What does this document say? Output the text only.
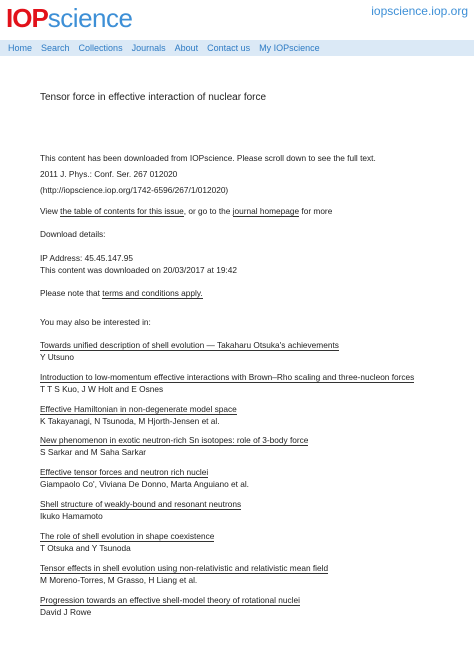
IOP science	iopscience.iop.org
Home Search Collections Journals About Contact us My IOPscience
Tensor force in effective interaction of nuclear force
This content has been downloaded from IOPscience. Please scroll down to see the full text.
2011 J. Phys.: Conf. Ser. 267 012020
(http://iopscience.iop.org/1742-6596/267/1/012020)
View the table of contents for this issue, or go to the journal homepage for more
Download details:
IP Address: 45.45.147.95
This content was downloaded on 20/03/2017 at 19:42
Please note that terms and conditions apply.
You may also be interested in:
Towards unified description of shell evolution — Takaharu Otsuka's achievements
Y Utsuno
Introduction to low-momentum effective interactions with Brown–Rho scaling and three-nucleon forces
T T S Kuo, J W Holt and E Osnes
Effective Hamiltonian in non-degenerate model space
K Takayanagi, N Tsunoda, M Hjorth-Jensen et al.
New phenomenon in exotic neutron-rich Sn isotopes: role of 3-body force
S Sarkar and M Saha Sarkar
Effective tensor forces and neutron rich nuclei
Giampaolo Co', Viviana De Donno, Marta Anguiano et al.
Shell structure of weakly-bound and resonant neutrons
Ikuko Hamamoto
The role of shell evolution in shape coexistence
T Otsuka and Y Tsunoda
Tensor effects in shell evolution using non-relativistic and relativistic mean field
M Moreno-Torres, M Grasso, H Liang et al.
Progression towards an effective shell-model theory of rotational nuclei
David J Rowe
